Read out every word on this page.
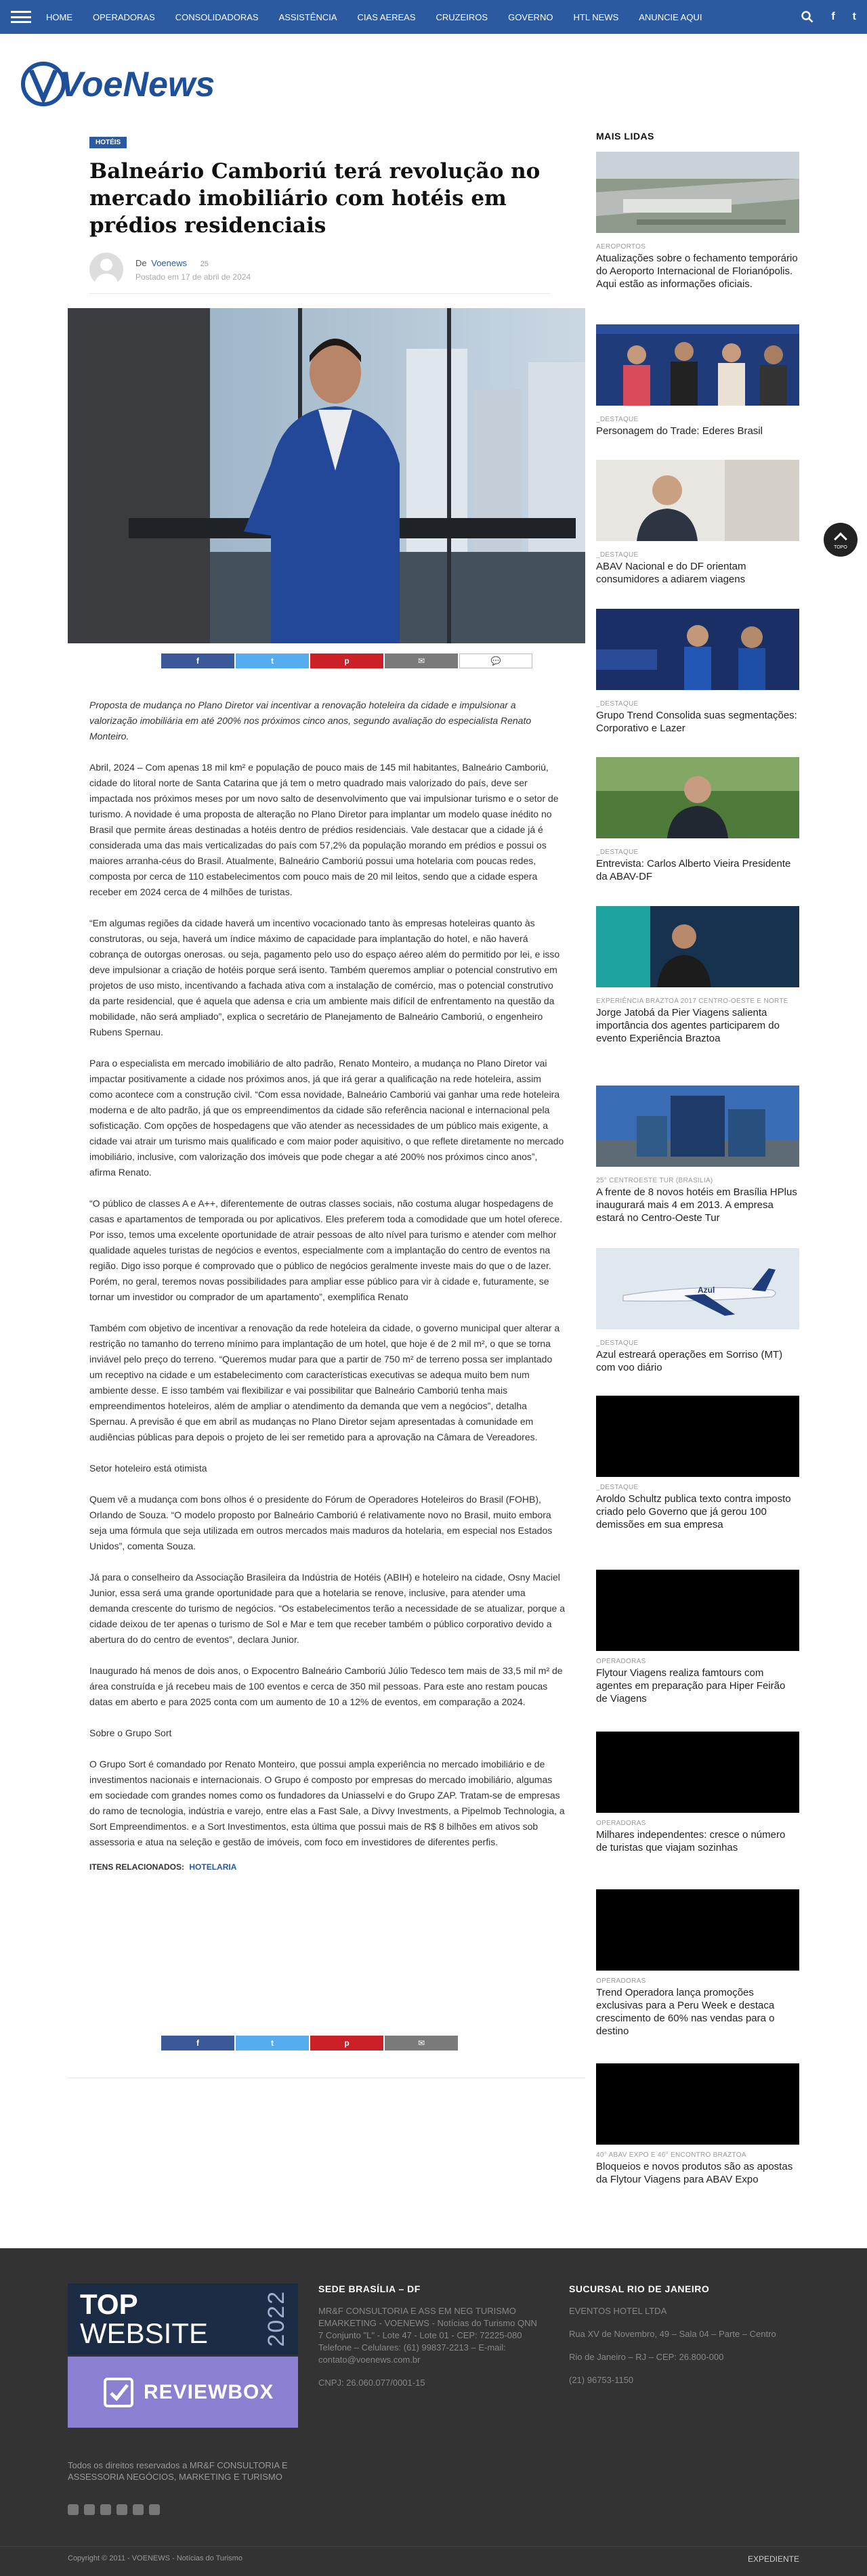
HOME OPERADORAS CONSOLIDADORAS ASSISTÊNCIA CIAS AEREAS CRUZEIROS GOVERNO HTL NEWS ANUNCIE AQUI	f t
VoeNews
HOTÉIS
Balneário Camboriú terá revolução no mercado imobiliário com hotéis em prédios residenciais
De Voenews 25
Postado em 17 de abril de 2024
f	t	p	✉	💬

Proposta de mudança no Plano Diretor vai incentivar a renovação hoteleira da cidade e impulsionar a valorização imobiliária em até 200% nos próximos cinco anos, segundo avaliação do especialista Renato Monteiro.

Abril, 2024 – Com apenas 18 mil km² e população de pouco mais de 145 mil habitantes, Balneário Camboriú, cidade do litoral norte de Santa Catarina que já tem o metro quadrado mais valorizado do país, deve ser impactada nos próximos meses por um novo salto de desenvolvimento que vai impulsionar turismo e o setor de turismo. A novidade é uma proposta de alteração no Plano Diretor para implantar um modelo quase inédito no Brasil que permite áreas destinadas a hotéis dentro de prédios residenciais. Vale destacar que a cidade já é considerada uma das mais verticalizadas do país com 57,2% da população morando em prédios e possui os maiores arranha-céus do Brasil. Atualmente, Balneário Camboriú possui uma hotelaria com poucas redes, composta por cerca de 110 estabelecimentos com pouco mais de 20 mil leitos, sendo que a cidade espera receber em 2024 cerca de 4 milhões de turistas.

“Em algumas regiões da cidade haverá um incentivo vocacionado tanto às empresas hoteleiras quanto às construtoras, ou seja, haverá um índice máximo de capacidade para implantação do hotel, e não haverá cobrança de outorgas onerosas. ou seja, pagamento pelo uso do espaço aéreo além do permitido por lei, e isso deve impulsionar a criação de hotéis porque será isento. Também queremos ampliar o potencial construtivo em projetos de uso misto, incentivando a fachada ativa com a instalação de comércio, mas o potencial construtivo da parte residencial, que é aquela que adensa e cria um ambiente mais difícil de enfrentamento na questão da mobilidade, não será ampliado”, explica o secretário de Planejamento de Balneário Camboriú, o engenheiro Rubens Spernau.

Para o especialista em mercado imobiliário de alto padrão, Renato Monteiro, a mudança no Plano Diretor vai impactar positivamente a cidade nos próximos anos, já que irá gerar a qualificação na rede hoteleira, assim como acontece com a construção civil. “Com essa novidade, Balneário Camboriú vai ganhar uma rede hoteleira moderna e de alto padrão, já que os empreendimentos da cidade são referência nacional e internacional pela sofisticação. Com opções de hospedagens que vão atender as necessidades de um público mais exigente, a cidade vai atrair um turismo mais qualificado e com maior poder aquisitivo, o que reflete diretamente no mercado imobiliário, inclusive, com valorização dos imóveis que pode chegar a até 200% nos próximos cinco anos”, afirma Renato.

“O público de classes A e A++, diferentemente de outras classes sociais, não costuma alugar hospedagens de casas e apartamentos de temporada ou por aplicativos. Eles preferem toda a comodidade que um hotel oferece. Por isso, temos uma excelente oportunidade de atrair pessoas de alto nível para turismo e atender com melhor qualidade aqueles turistas de negócios e eventos, especialmente com a implantação do centro de eventos na região. Digo isso porque é comprovado que o público de negócios geralmente investe mais do que o de lazer. Porém, no geral, teremos novas possibilidades para ampliar esse público para vir à cidade e, futuramente, se tornar um investidor ou comprador de um apartamento”, exemplifica Renato

Também com objetivo de incentivar a renovação da rede hoteleira da cidade, o governo municipal quer alterar a restrição no tamanho do terreno mínimo para implantação de um hotel, que hoje é de 2 mil m², o que se torna inviável pelo preço do terreno. “Queremos mudar para que a partir de 750 m² de terreno possa ser implantado um receptivo na cidade e um estabelecimento com características executivas se adequa muito bem num ambiente desse. E isso também vai flexibilizar e vai possibilitar que Balneário Camboriú tenha mais empreendimentos hoteleiros, além de ampliar o atendimento da demanda que vem a negócios”, detalha Spernau. A previsão é que em abril as mudanças no Plano Diretor sejam apresentadas à comunidade em audiências públicas para depois o projeto de lei ser remetido para a aprovação na Câmara de Vereadores.

Setor hoteleiro está otimista

Quem vê a mudança com bons olhos é o presidente do Fórum de Operadores Hoteleiros do Brasil (FOHB), Orlando de Souza. “O modelo proposto por Balneário Camboriú é relativamente novo no Brasil, muito embora seja uma fórmula que seja utilizada em outros mercados mais maduros da hotelaria, em especial nos Estados Unidos”, comenta Souza.

Já para o conselheiro da Associação Brasileira da Indústria de Hotéis (ABIH) e hoteleiro na cidade, Osny Maciel Junior, essa será uma grande oportunidade para que a hotelaria se renove, inclusive, para atender uma demanda crescente do turismo de negócios. “Os estabelecimentos terão a necessidade de se atualizar, porque a cidade deixou de ter apenas o turismo de Sol e Mar e tem que receber também o público corporativo devido a abertura do do centro de eventos”, declara Junior.

Inaugurado há menos de dois anos, o Expocentro Balneário Camboriú Júlio Tedesco tem mais de 33,5 mil m² de área construída e já recebeu mais de 100 eventos e cerca de 350 mil pessoas. Para este ano restam poucas datas em aberto e para 2025 conta com um aumento de 10 a 12% de eventos, em comparação a 2024.

Sobre o Grupo Sort

O Grupo Sort é comandado por Renato Monteiro, que possui ampla experiência no mercado imobiliário e de investimentos nacionais e internacionais. O Grupo é composto por empresas do mercado imobiliário, algumas em sociedade com grandes nomes como os fundadores da Uniasselvi e do Grupo ZAP. Tratam-se de empresas do ramo de tecnologia, indústria e varejo, entre elas a Fast Sale, a Divvy Investments, a Pipelmob Technologia, a Sort Empreendimentos. e a Sort Investimentos, esta última que possui mais de R$ 8 bilhões em ativos sob assessoria e atua na seleção e gestão de imóveis, com foco em investidores de diferentes perfis.

ITENS RELACIONADOS: HOTELARIA
f	t	p	✉
MAIS LIDAS
AEROPORTOS
Atualizações sobre o fechamento temporário do Aeroporto Internacional de Florianópolis. Aqui estão as informações oficiais.
_DESTAQUE
Personagem do Trade: Ederes Brasil
_DESTAQUE
ABAV Nacional e do DF orientam consumidores a adiarem viagens
_DESTAQUE
Grupo Trend Consolida suas segmentações: Corporativo e Lazer
_DESTAQUE
Entrevista: Carlos Alberto Vieira Presidente da ABAV-DF
EXPERIÊNCIA BRAZTOA 2017 CENTRO-OESTE E NORTE
Jorge Jatobá da Pier Viagens salienta importância dos agentes participarem do evento Experiência Braztoa
25° CENTROESTE TUR (BRASILIA)
A frente de 8 novos hotéis em Brasília HPlus inaugurará mais 4 em 2013. A empresa estará no Centro-Oeste Tur
Azul
_DESTAQUE
Azul estreará operações em Sorriso (MT) com voo diário
_DESTAQUE
Aroldo Schultz publica texto contra imposto criado pelo Governo que já gerou 100 demissões em sua empresa
OPERADORAS
Flytour Viagens realiza famtours com agentes em preparação para Hiper Feirão de Viagens
OPERADORAS
Milhares independentes: cresce o número de turistas que viajam sozinhas
OPERADORAS
Trend Operadora lança promoções exclusivas para a Peru Week e destaca crescimento de 60% nas vendas para o destino
40° ABAV EXPO E 46° ENCONTRO BRAZTOA
Bloqueios e novos produtos são as apostas da Flytour Viagens para ABAV Expo
TOPO
TOP
WEBSITE 2022
REVIEWBOX
Todos os direitos reservados a MR&F CONSULTORIA E ASSESSORIA NEGÓCIOS, MARKETING E TURISMO
SEDE BRASÍLIA – DF

MR&F CONSULTORIA E ASS EM NEG TURISMO EMARKETING - VOENEWS - Notícias do Turismo QNN 7 Conjunto "L" - Lote 47 - Lote 01 - CEP: 72225-080 Telefone – Celulares: (61) 99837-2213 – E-mail: contato@voenews.com.br

CNPJ: 26.060.077/0001-15

SUCURSAL RIO DE JANEIRO

EVENTOS HOTEL LTDA

Rua XV de Novembro, 49 – Sala 04 – Parte – Centro

Rio de Janeiro – RJ – CEP: 26.800-000

(21) 96753-1150

Copyright © 2011 - VOENEWS - Notícias do Turismo	EXPEDIENTE
